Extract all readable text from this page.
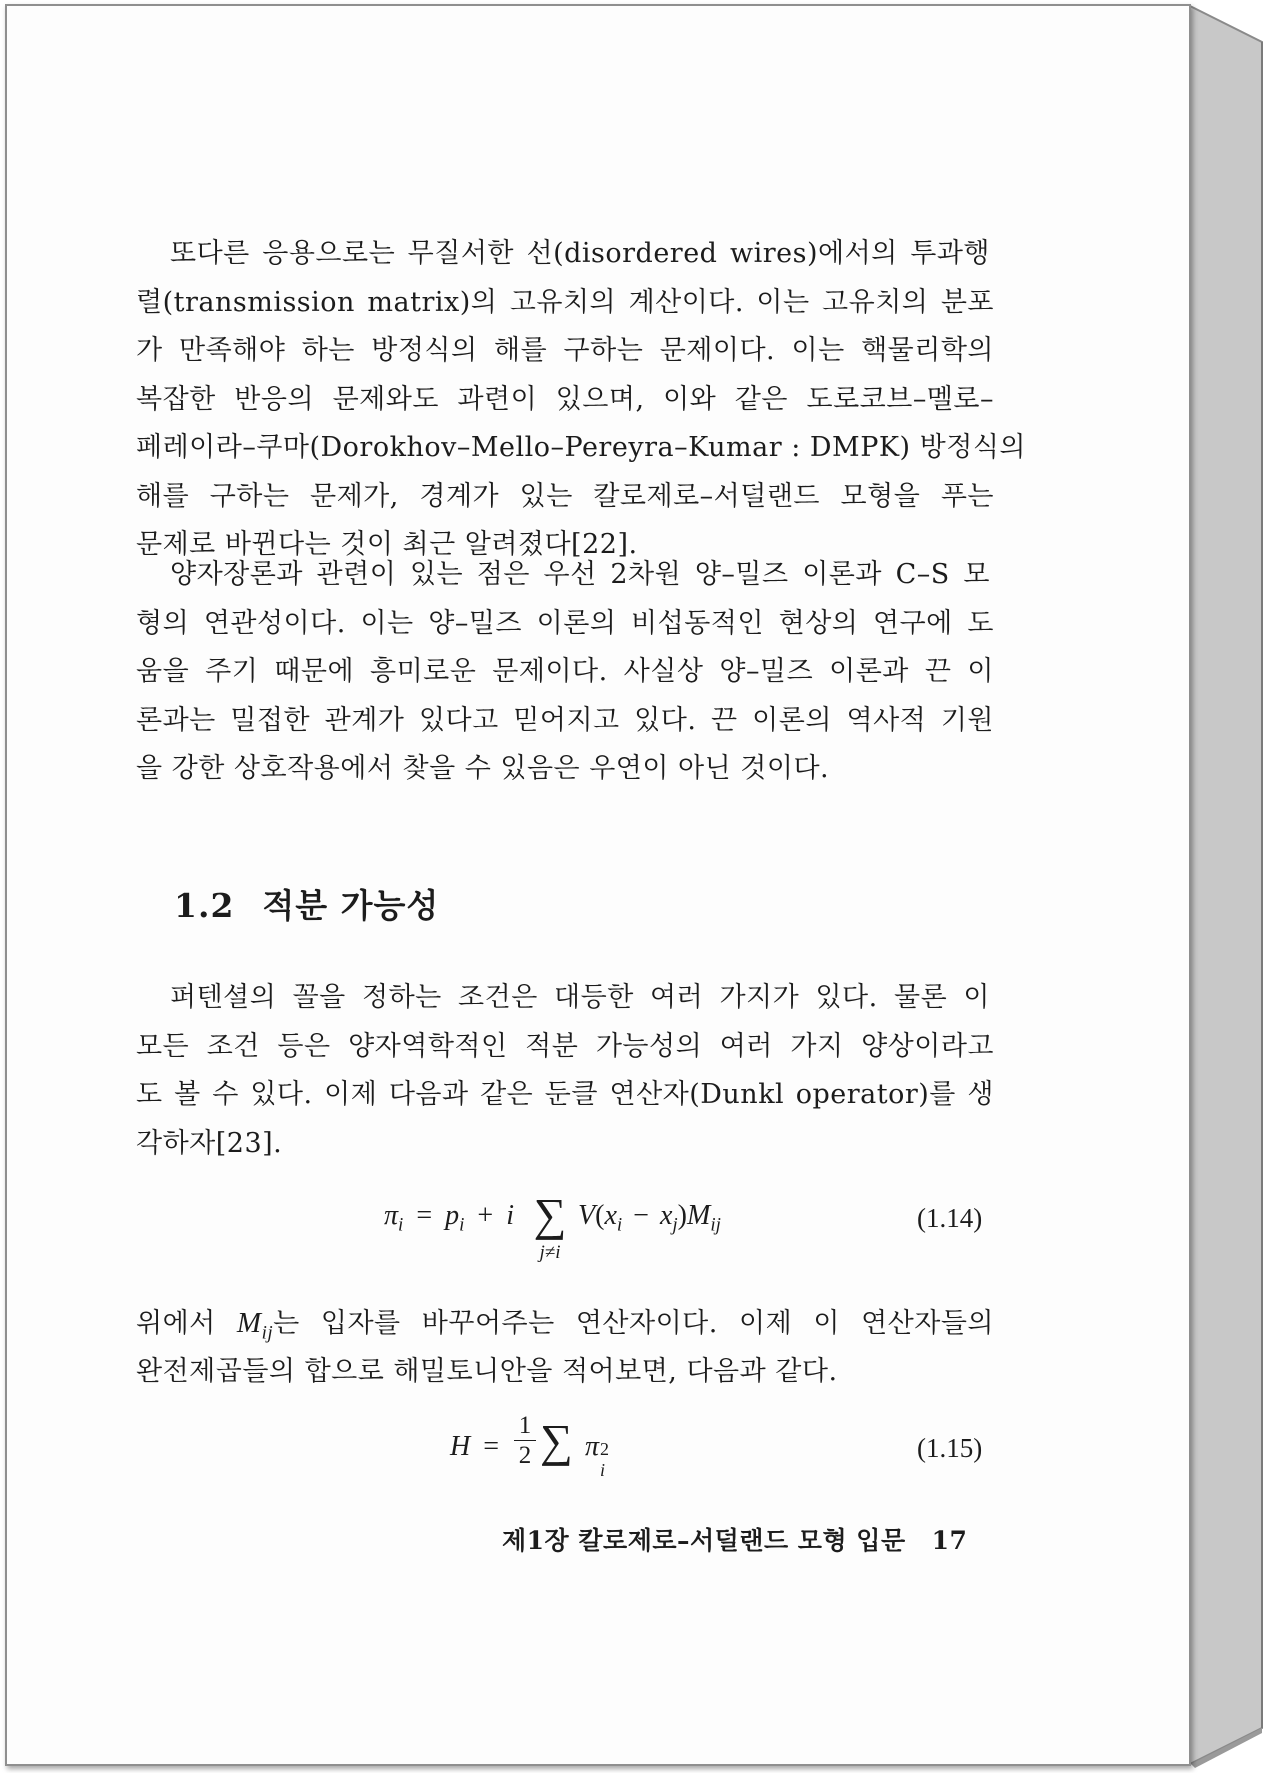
또다른 응용으로는 무질서한 선(disordered wires)에서의 투과행
렬(transmission matrix)의 고유치의 계산이다. 이는 고유치의 분포
가 만족해야 하는 방정식의 해를 구하는 문제이다. 이는 핵물리학의
복잡한 반응의 문제와도 과련이 있으며, 이와 같은 도로코브–멜로–
페레이라–쿠마(Dorokhov–Mello–Pereyra–Kumar : DMPK) 방정식의
해를 구하는 문제가, 경계가 있는 칼로제로–서덜랜드 모형을 푸는
문제로 바뀐다는 것이 최근 알려졌다[22].
양자장론과 관련이 있는 점은 우선 2차원 양–밀즈 이론과 C–S 모
형의 연관성이다. 이는 양–밀즈 이론의 비섭동적인 현상의 연구에 도
움을 주기 때문에 흥미로운 문제이다. 사실상 양–밀즈 이론과 끈 이
론과는 밀접한 관계가 있다고 믿어지고 있다. 끈 이론의 역사적 기원
을 강한 상호작용에서 찾을 수 있음은 우연이 아닌 것이다.
1.2 적분 가능성
퍼텐셜의 꼴을 정하는 조건은 대등한 여러 가지가 있다. 물론 이
모든 조건 등은 양자역학적인 적분 가능성의 여러 가지 양상이라고
도 볼 수 있다. 이제 다음과 같은 둔클 연산자(Dunkl operator)를 생
각하자[23].
$\pi_i = p_i + i$ ∑
j≠i
$V(x_i - x_j)M_{ij}$	(1.14)
위에서 $M_{ij}$는 입자를 바꾸어주는 연산자이다. 이제 이 연산자들의
완전제곱들의 합으로 해밀토니안을 적어보면, 다음과 같다.
$H = \frac{1}{2}$ ∑ π 2
i
(1.15)
제1장 칼로제로–서덜랜드 모형 입문 17
